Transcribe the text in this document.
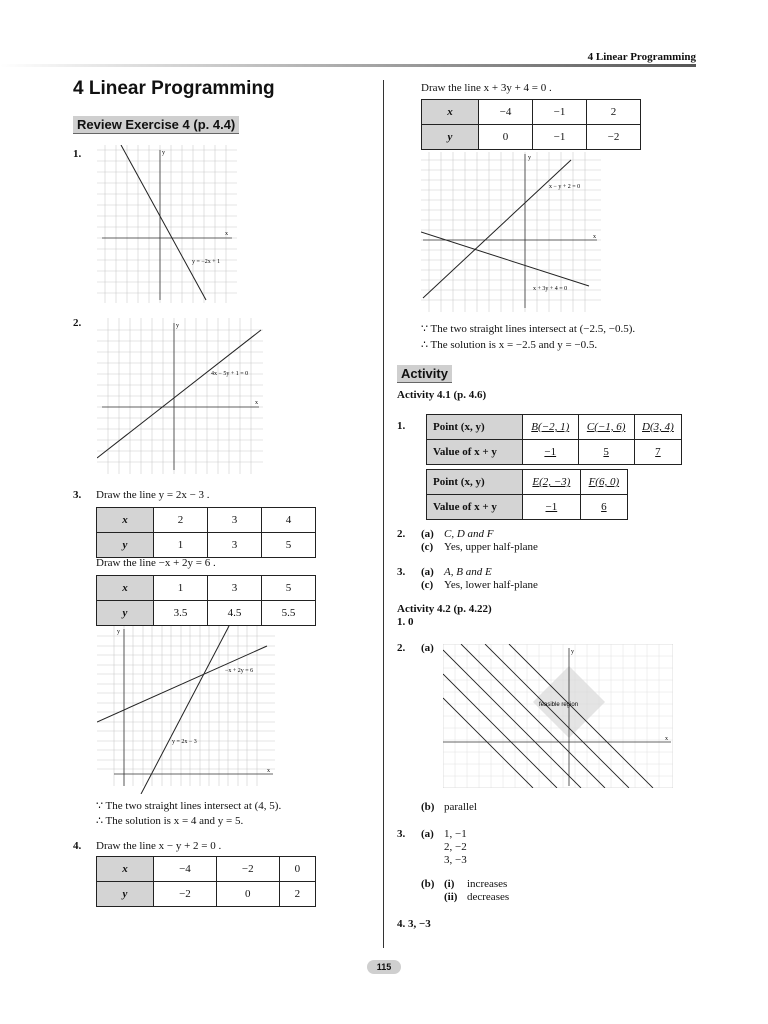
4 Linear Programming
4 Linear Programming
Review Exercise 4 (p. 4.4)
1.
x
y
y = −2x + 1
2.
x
y
4x − 5y + 1 = 0
3. Draw the line y = 2x − 3 .
x	2	3	4
y	1	3	5
Draw the line −x + 2y = 6 .
x	1	3	5
y	3.5	4.5	5.5
x
y
−x + 2y = 6
y = 2x − 3
∵ The two straight lines intersect at (4, 5).
∴ The solution is x = 4 and y = 5.
4. Draw the line x − y + 2 = 0 .
x	−4	−2	0
y	−2	0	2
Draw the line x + 3y + 4 = 0 .
x	−4	−1	2
y	0	−1	−2
x
y
x − y + 2 = 0
x + 3y + 4 = 0
∵ The two straight lines intersect at (−2.5, −0.5).
∴ The solution is x = −2.5 and y = −0.5.
Activity
Activity 4.1 (p. 4.6)
1.	Point (x, y)	B(−2, 1)	C(−1, 6)	D(3, 4)
Value of x + y	−1	5	7
Point (x, y)	E(2, −3)	F(6, 0)
Value of x + y	−1	6
2. (a) C, D and F
(c) Yes, upper half-plane
3. (a) A, B and E
(c) Yes, lower half-plane
Activity 4.2 (p. 4.22)
1. 0
2. (a)
feasible region
x
y
(b) parallel
3. (a) 1, −1
2, −2
3, −3
(b) (i) increases
(ii) decreases
4. 3, −3
115
